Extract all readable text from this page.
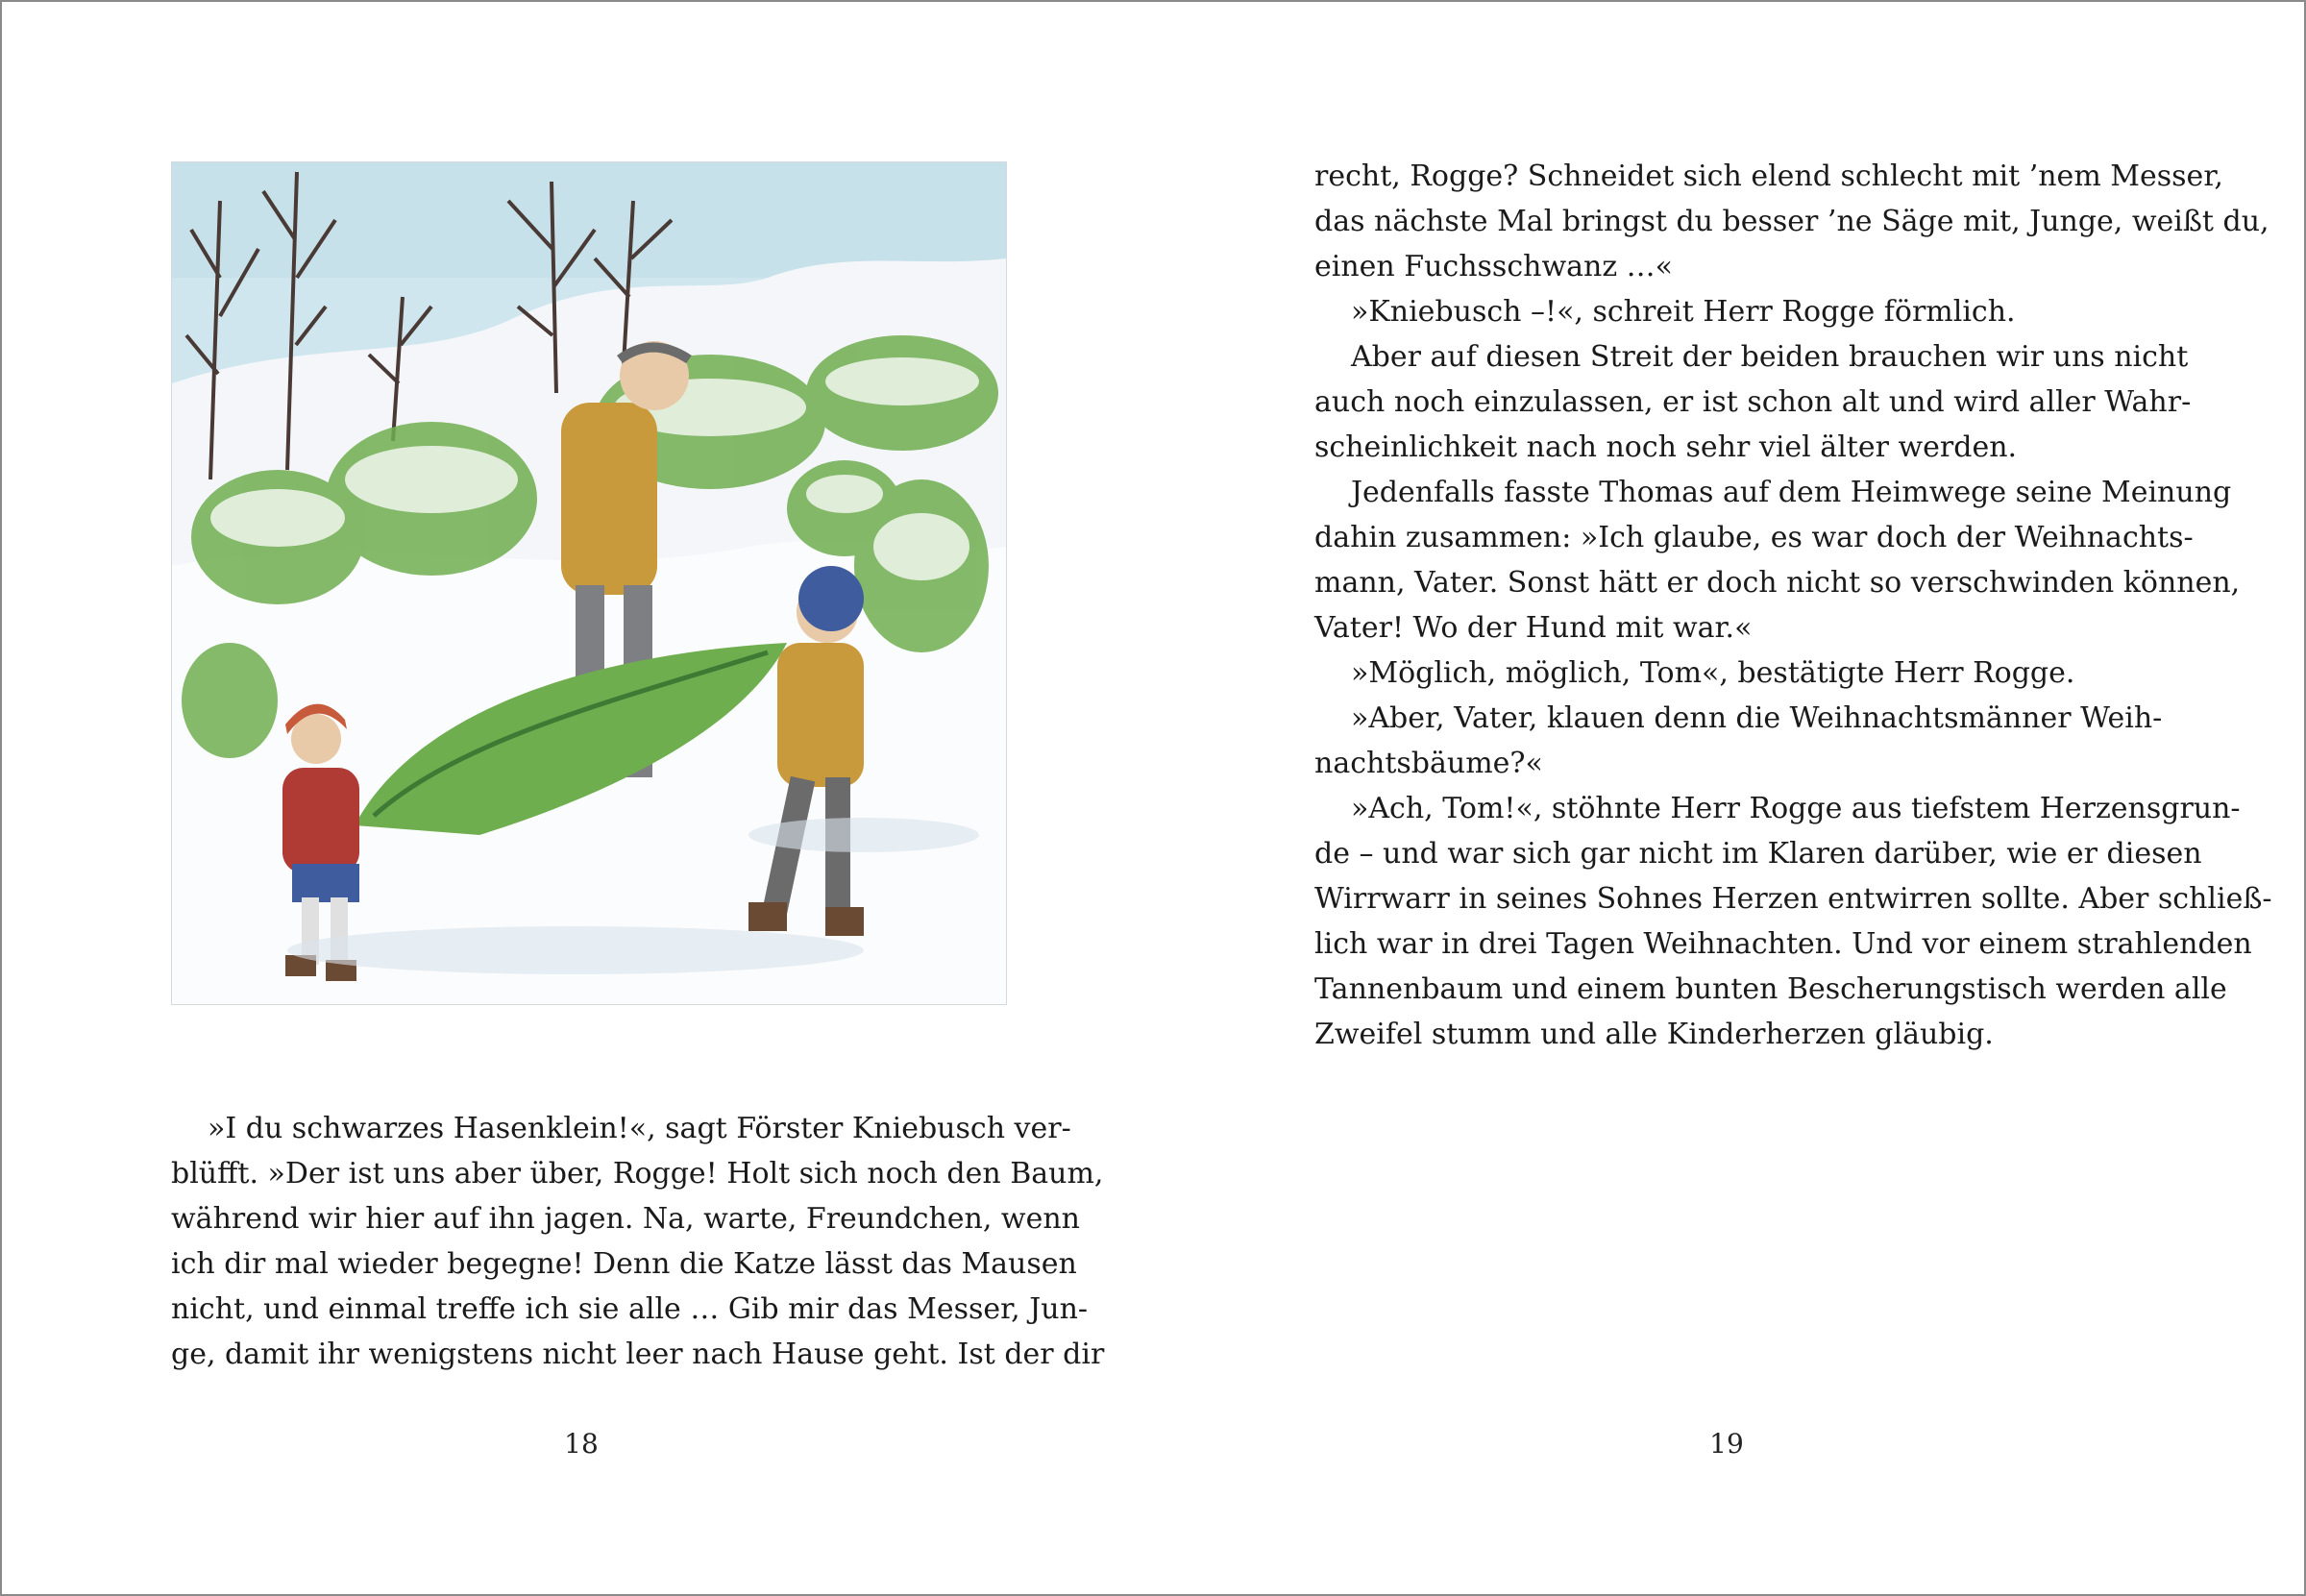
»I du schwarzes Hasenklein!«, sagt Förster Kniebusch ver-
blüfft. »Der ist uns aber über, Rogge! Holt sich noch den Baum,
während wir hier auf ihn jagen. Na, warte, Freundchen, wenn
ich dir mal wieder begegne! Denn die Katze lässt das Mausen
nicht, und einmal treffe ich sie alle … Gib mir das Messer, Jun-
ge, damit ihr wenigstens nicht leer nach Hause geht. Ist der dir
18
recht, Rogge? Schneidet sich elend schlecht mit ’nem Messer,
das nächste Mal bringst du besser ’ne Säge mit, Junge, weißt du,
einen Fuchsschwanz …«
»Kniebusch –!«, schreit Herr Rogge förmlich.
Aber auf diesen Streit der beiden brauchen wir uns nicht
auch noch einzulassen, er ist schon alt und wird aller Wahr-
scheinlichkeit nach noch sehr viel älter werden.
Jedenfalls fasste Thomas auf dem Heimwege seine Meinung
dahin zusammen: »Ich glaube, es war doch der Weihnachts-
mann, Vater. Sonst hätt er doch nicht so verschwinden können,
Vater! Wo der Hund mit war.«
»Möglich, möglich, Tom«, bestätigte Herr Rogge.
»Aber, Vater, klauen denn die Weihnachtsmänner Weih-
nachtsbäume?«
»Ach, Tom!«, stöhnte Herr Rogge aus tiefstem Herzensgrun-
de – und war sich gar nicht im Klaren darüber, wie er diesen
Wirrwarr in seines Sohnes Herzen entwirren sollte. Aber schließ-
lich war in drei Tagen Weihnachten. Und vor einem strahlenden
Tannenbaum und einem bunten Bescherungstisch werden alle
Zweifel stumm und alle Kinderherzen gläubig.
19
